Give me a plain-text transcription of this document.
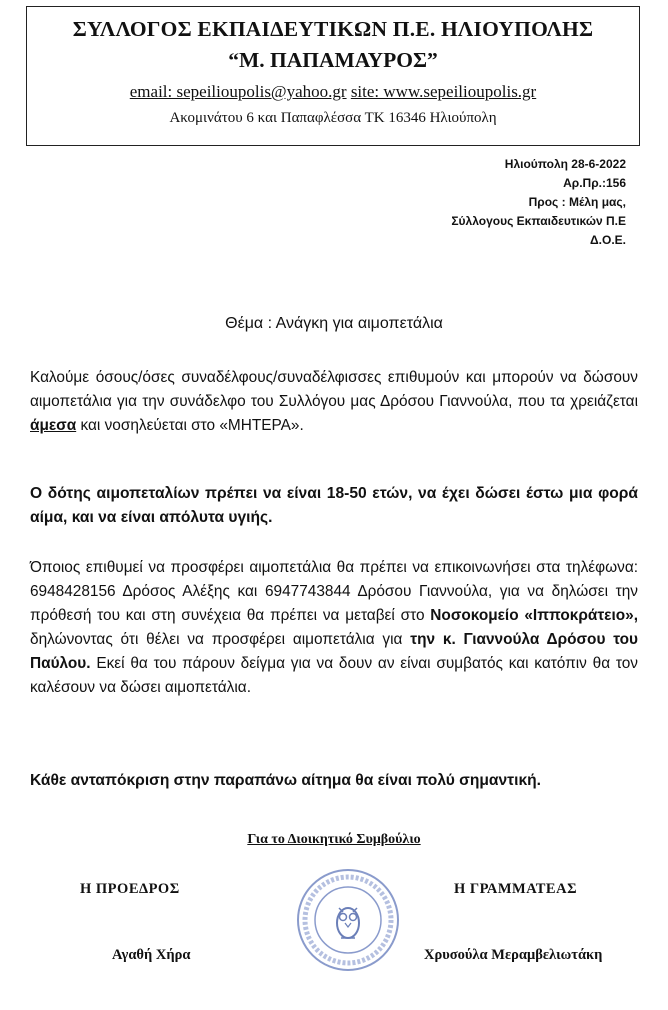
ΣΥΛΛΟΓΟΣ ΕΚΠΑΙΔΕΥΤΙΚΩΝ Π.Ε. ΗΛΙΟΥΠΟΛΗΣ
“Μ. ΠΑΠΑΜΑΥΡΟΣ”
email: sepeilioupolis@yahoo.gr site: www.sepeilioupolis.gr
Ακομινάτου 6 και Παπαφλέσσα ΤΚ 16346 Ηλιούπολη
Ηλιούπολη 28-6-2022
Αρ.Πρ.:156
Προς : Μέλη μας,
Σύλλογους Εκπαιδευτικών Π.Ε
Δ.Ο.Ε.
Θέμα : Ανάγκη για αιμοπετάλια
Καλούμε όσους/όσες συναδέλφους/συναδέλφισσες επιθυμούν και μπορούν να δώσουν αιμοπετάλια για την συνάδελφο του Συλλόγου μας Δρόσου Γιαννούλα, που τα χρειάζεται άμεσα και νοσηλεύεται στο «ΜΗΤΕΡΑ».
Ο δότης αιμοπεταλίων πρέπει να είναι 18-50 ετών, να έχει δώσει έστω μια φορά αίμα, και να είναι απόλυτα υγιής.
Όποιος επιθυμεί να προσφέρει αιμοπετάλια θα πρέπει να επικοινωνήσει στα τηλέφωνα: 6948428156 Δρόσος Αλέξης και 6947743844 Δρόσου Γιαννούλα, για να δηλώσει την πρόθεσή του και στη συνέχεια θα πρέπει να μεταβεί στο Νοσοκομείο «Ιπποκράτειο», δηλώνοντας ότι θέλει να προσφέρει αιμοπετάλια για την κ. Γιαννούλα Δρόσου του Παύλου. Εκεί θα του πάρουν δείγμα για να δουν αν είναι συμβατός και κατόπιν θα τον καλέσουν να δώσει αιμοπετάλια.
Κάθε ανταπόκριση στην παραπάνω αίτημα θα είναι πολύ σημαντική.
Για το Διοικητικό Συμβούλιο
Η ΠΡΟΕΔΡΟΣ	Η ΓΡΑΜΜΑΤΕΑΣ
Αγαθή Χήρα	Χρυσούλα Μεραμβελιωτάκη
